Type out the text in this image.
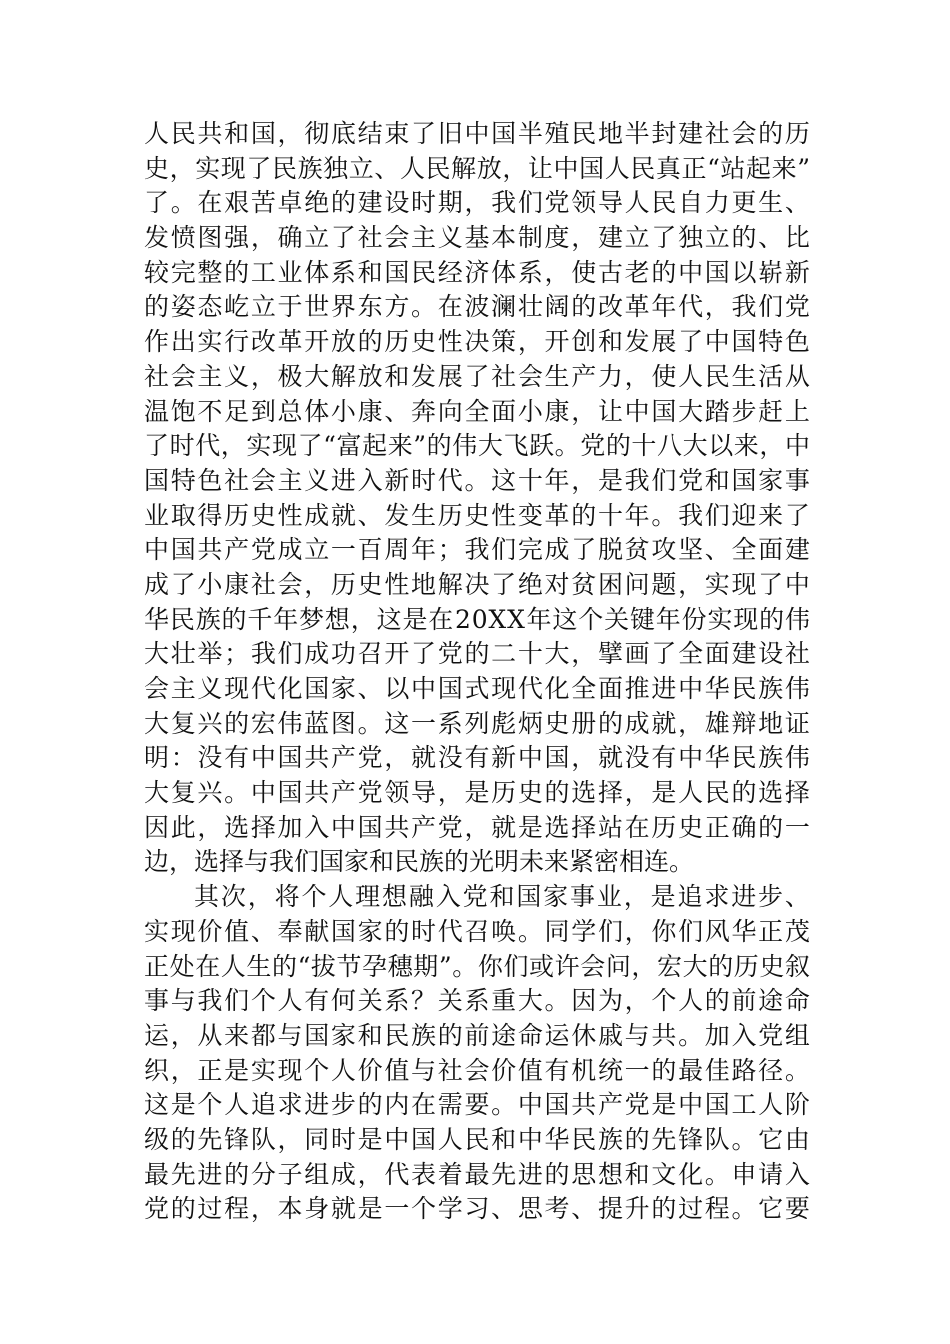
人 民 共 和 国 ， 彻 底 结 束 了 旧 中 国 半 殖 民 地 半 封 建 社 会 的 历
史 ， 实 现 了 民 族 独 立 、 人 民 解 放 ， 让 中 国 人 民 真 正 “ 站 起 来 ”
了 。 在 艰 苦 卓 绝 的 建 设 时 期 ， 我 们 党 领 导 人 民 自 力 更 生 、
发 愤 图 强 ， 确 立 了 社 会 主 义 基 本 制 度 ， 建 立 了 独 立 的 、 比
较 完 整 的 工 业 体 系 和 国 民 经 济 体 系 ， 使 古 老 的 中 国 以 崭 新
的 姿 态 屹 立 于 世 界 东 方 。 在 波 澜 壮 阔 的 改 革 年 代 ， 我 们 党
作 出 实 行 改 革 开 放 的 历 史 性 决 策 ， 开 创 和 发 展 了 中 国 特 色
社 会 主 义 ， 极 大 解 放 和 发 展 了 社 会 生 产 力 ， 使 人 民 生 活 从
温 饱 不 足 到 总 体 小 康 、 奔 向 全 面 小 康 ， 让 中 国 大 踏 步 赶 上
了 时 代 ， 实 现 了 “ 富 起 来 ” 的 伟 大 飞 跃 。 党 的 十 八 大 以 来 ， 中
国 特 色 社 会 主 义 进 入 新 时 代 。 这 十 年 ， 是 我 们 党 和 国 家 事
业 取 得 历 史 性 成 就 、 发 生 历 史 性 变 革 的 十 年 。 我 们 迎 来 了
中 国 共 产 党 成 立 一 百 周 年 ； 我 们 完 成 了 脱 贫 攻 坚 、 全 面 建
成 了 小 康 社 会 ， 历 史 性 地 解 决 了 绝 对 贫 困 问 题 ， 实 现 了 中
华 民 族 的 千 年 梦 想 ， 这 是 在 2 0 X X 年 这 个 关 键 年 份 实 现 的 伟
大 壮 举 ； 我 们 成 功 召 开 了 党 的 二 十 大 ， 擘 画 了 全 面 建 设 社
会 主 义 现 代 化 国 家 、 以 中 国 式 现 代 化 全 面 推 进 中 华 民 族 伟
大 复 兴 的 宏 伟 蓝 图 。 这 一 系 列 彪 炳 史 册 的 成 就 ， 雄 辩 地 证
明 ： 没 有 中 国 共 产 党 ， 就 没 有 新 中 国 ， 就 没 有 中 华 民 族 伟
大 复 兴 。 中 国 共 产 党 领 导 ， 是 历 史 的 选 择 ， 是 人 民 的 选 择
因 此 ， 选 择 加 入 中 国 共 产 党 ， 就 是 选 择 站 在 历 史 正 确 的 一
边，选择与我们国家和民族的光明未来紧密相连。
其 次 ， 将 个 人 理 想 融 入 党 和 国 家 事 业 ， 是 追 求 进 步 、
实 现 价 值 、 奉 献 国 家 的 时 代 召 唤 。 同 学 们 ， 你 们 风 华 正 茂
正 处 在 人 生 的 “ 拔 节 孕 穗 期 ” 。 你 们 或 许 会 问 ， 宏 大 的 历 史 叙
事 与 我 们 个 人 有 何 关 系 ？ 关 系 重 大 。 因 为 ， 个 人 的 前 途 命
运 ， 从 来 都 与 国 家 和 民 族 的 前 途 命 运 休 戚 与 共 。 加 入 党 组
织 ， 正 是 实 现 个 人 价 值 与 社 会 价 值 有 机 统 一 的 最 佳 路 径 。
这 是 个 人 追 求 进 步 的 内 在 需 要 。 中 国 共 产 党 是 中 国 工 人 阶
级 的 先 锋 队 ， 同 时 是 中 国 人 民 和 中 华 民 族 的 先 锋 队 。 它 由
最 先 进 的 分 子 组 成 ， 代 表 着 最 先 进 的 思 想 和 文 化 。 申 请 入
党 的 过 程 ， 本 身 就 是 一 个 学 习 、 思 考 、 提 升 的 过 程 。 它 要
